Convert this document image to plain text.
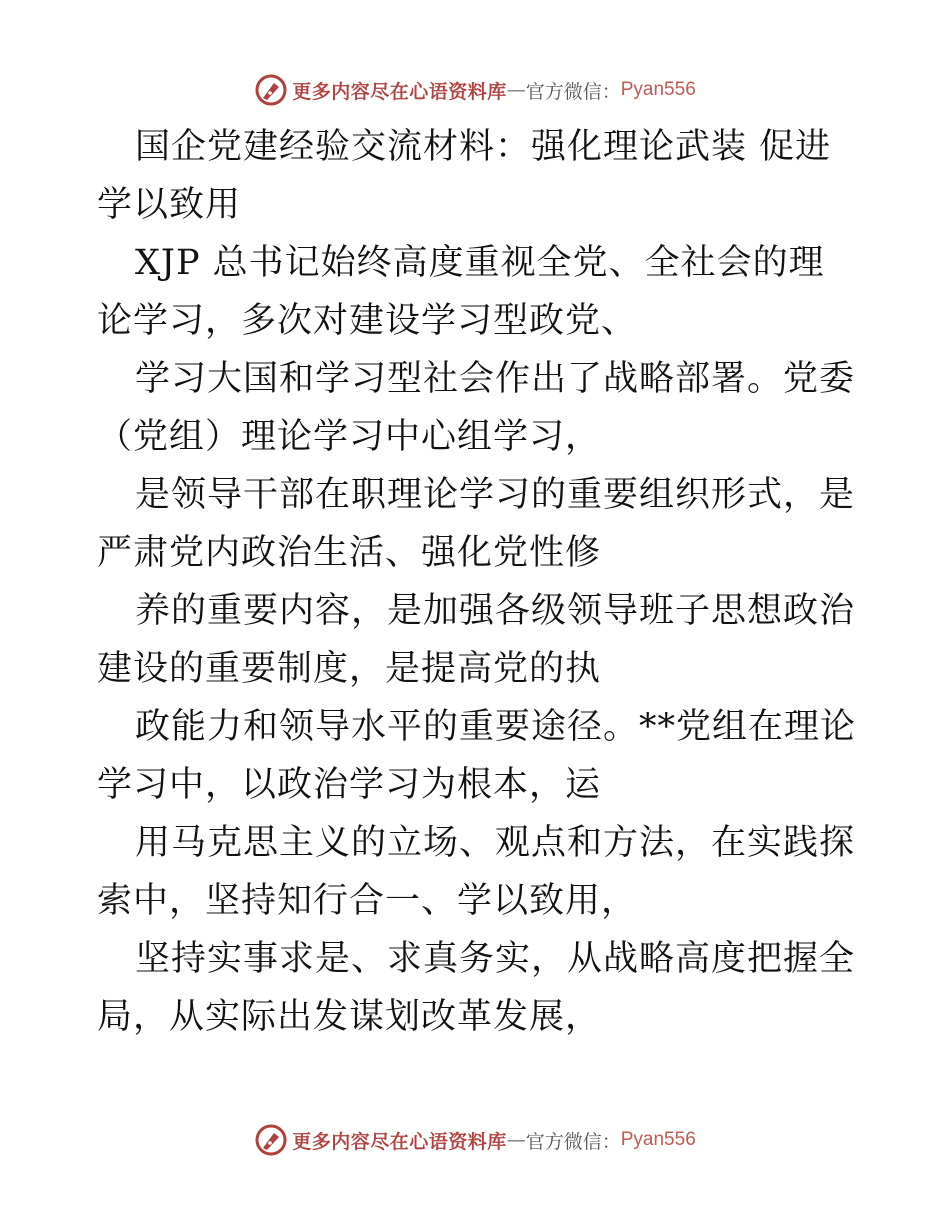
更多内容尽在心语资料库 — 官方微信： Pyan556

国企党建经验交流材料：强化理论武装 促进学以致用

XJP 总书记始终高度重视全党、全社会的理论学习，多次对建设学习型政党、

学习大国和学习型社会作出了战略部署。党委（党组）理论学习中心组学习，

是领导干部在职理论学习的重要组织形式，是严肃党内政治生活、强化党性修

养的重要内容，是加强各级领导班子思想政治建设的重要制度，是提高党的执

政能力和领导水平的重要途径。**党组在理论学习中，以政治学习为根本，运

用马克思主义的立场、观点和方法，在实践探索中，坚持知行合一、学以致用，

坚持实事求是、求真务实，从战略高度把握全局，从实际出发谋划改革发展，

更多内容尽在心语资料库 — 官方微信： Pyan556
